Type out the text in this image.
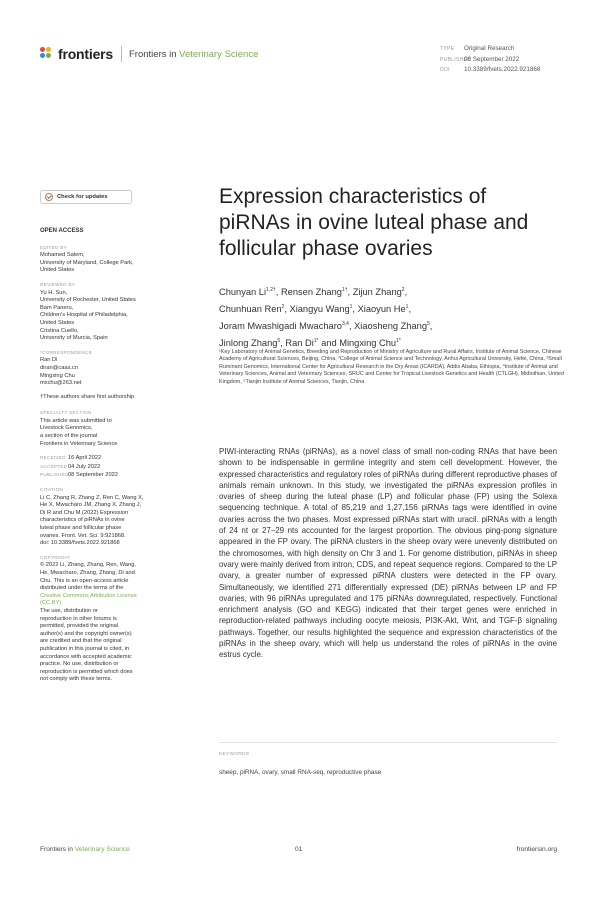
frontiers Frontiers in Veterinary Science	TYPE Original Research
PUBLISHED08 September 2022
DOI 10.3389/fvets.2022.921868
Check for updates
OPEN ACCESS
EDITED BY
Mohamed Salem,
University of Maryland, College Park,
United States
REVIEWED BY
Yu H. Sun,
University of Rochester, United States
Bam Paneru,
Children's Hospital of Philadelphia,
United States
Cristina Cuello,
University of Murcia, Spain
*CORRESPONDENCE
Ran Di
diran@caas.cn
Mingxing Chu
mxchu@263.net
†These authors share first authorship
SPECIALTY SECTION
This article was submitted to
Livestock Genomics,
a section of the journal
Frontiers in Veterinary Science
RECEIVED 16 April 2022
ACCEPTED04 July 2022
PUBLISHED08 September 2022
CITATION
Li C, Zhang R, Zhang Z, Ren C, Wang X,
He X, Mwacharo JM, Zhang X, Zhang J,
Di R and Chu M (2022) Expression
characteristics of piRNAs in ovine
luteal phase and follicular phase
ovaries. Front. Vet. Sci. 9:921868.
doi: 10.3389/fvets.2022.921868
COPYRIGHT
© 2022 Li, Zhang, Zhang, Ren, Wang,
He, Mwacharo, Zhang, Zhang, Di and
Chu. This is an open-access article
distributed under the terms of the
Creative Commons Attribution License
(CC BY).
The use, distribution or
reproduction in other forums is
permitted, provided the original
author(s) and the copyright owner(s)
are credited and that the original
publication in this journal is cited, in
accordance with accepted academic
practice. No use, distribution or
reproduction is permitted which does
not comply with these terms.
Expression characteristics of
piRNAs in ovine luteal phase and
follicular phase ovaries
Chunyan $Li^{1,2\dagger}$, Rensen Zhang$^{1\dagger}$, Zijun Zhang$^2$,
Chunhuan Ren$^2$, Xiangyu Wang$^1$, Xiaoyun He$^1$,
Joram Mwashigadi Mwacharo$^{3,4}$, Xiaosheng Zhang$^5$,
Jinlong Zhang$^5$, Ran $Di^{1*}$ and Mingxing Chu$^{1*}$
¹Key Laboratory of Animal Genetics, Breeding and Reproduction of Ministry of Agriculture and Rural Affairs, Institute of Animal Science, Chinese Academy of Agricultural Sciences, Beijing, China, ²College of Animal Science and Technology, Anhui Agricultural University, Hefei, China, ³Small Ruminant Genomics, International Center for Agricultural Research in the Dry Areas (ICARDA), Addis Ababa, Ethiopia, ⁴Institute of Animal and Veterinary Sciences, Animal and Veterinary Sciences, SRUC and Center for Tropical Livestock Genetics and Health (CTLGH), Midlothian, United Kingdom, ⁵Tianjin Institute of Animal Sciences, Tianjin, China
PIWI-interacting RNAs (piRNAs), as a novel class of small non-coding RNAs that have been shown to be indispensable in germline integrity and stem cell development. However, the expressed characteristics and regulatory roles of piRNAs during different reproductive phases of animals remain unknown. In this study, we investigated the piRNAs expression profiles in ovaries of sheep during the luteal phase (LP) and follicular phase (FP) using the Solexa sequencing technique. A total of 85,219 and 1,27,156 piRNAs tags were identified in ovine ovaries across the two phases. Most expressed piRNAs start with uracil. piRNAs with a length of 24 nt or 27–29 nts accounted for the largest proportion. The obvious ping-pong signature appeared in the FP ovary. The piRNA clusters in the sheep ovary were unevenly distributed on the chromosomes, with high density on Chr 3 and 1. For genome distribution, piRNAs in sheep ovary were mainly derived from intron, CDS, and repeat sequence regions. Compared to the LP ovary, a greater number of expressed piRNA clusters were detected in the FP ovary. Simultaneously, we identified 271 differentially expressed (DE) piRNAs between LP and FP ovaries, with 96 piRNAs upregulated and 175 piRNAs downregulated, respectively. Functional enrichment analysis (GO and KEGG) indicated that their target genes were enriched in reproduction-related pathways including oocyte meiosis, PI3K-Akt, Wnt, and TGF-β signaling pathways. Together, our results highlighted the sequence and expression characteristics of the piRNAs in the sheep ovary, which will help us understand the roles of piRNAs in the ovine estrus cycle.
KEYWORDS
sheep, piRNA, ovary, small RNA-seq, reproductive phase
Frontiers in Veterinary Science	01	frontiersin.org
